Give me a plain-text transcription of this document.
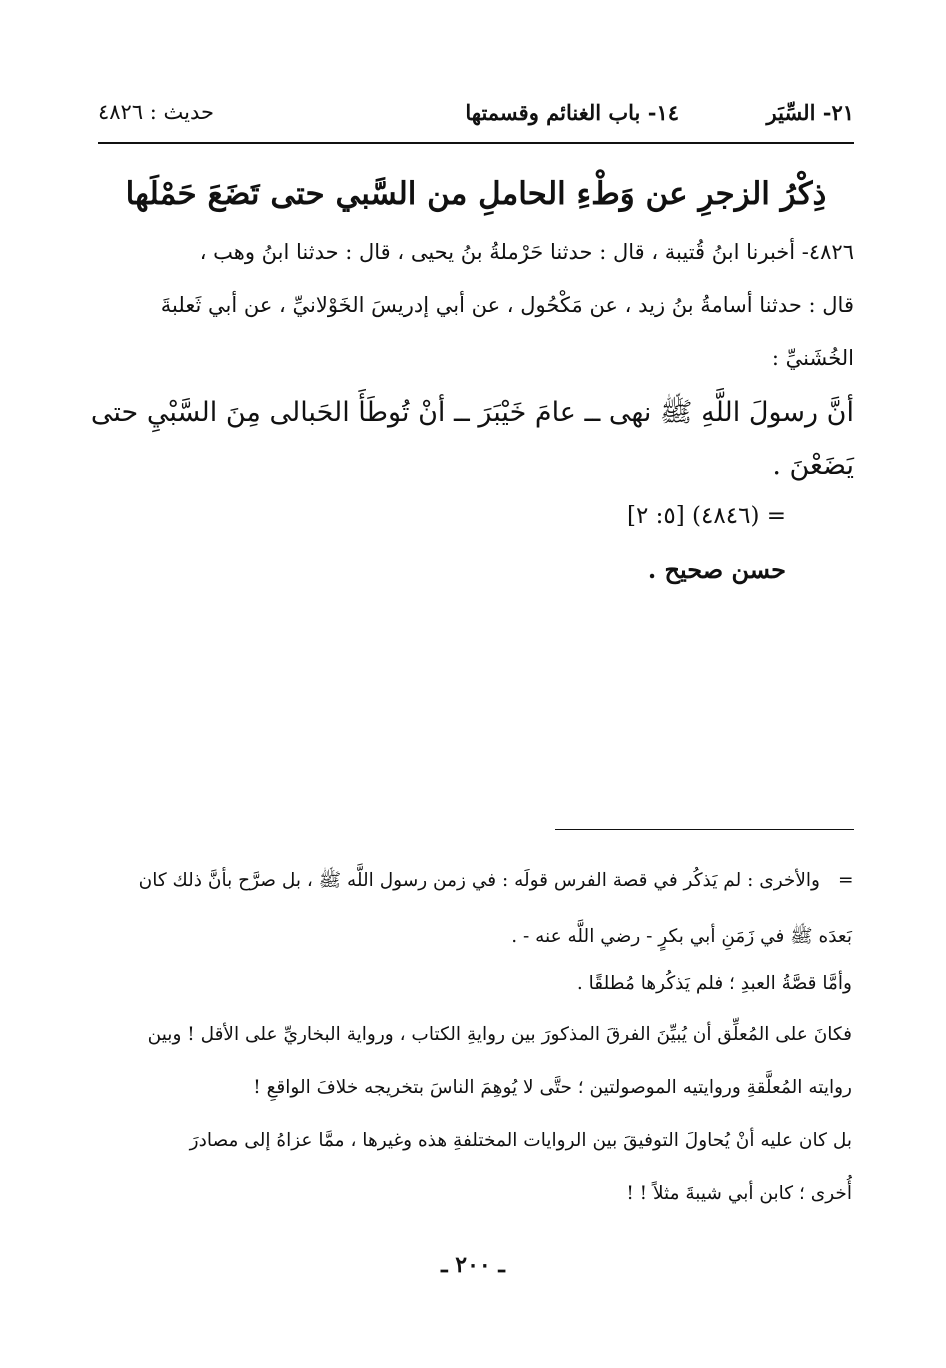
٢١- السِّيَر
١٤- باب الغنائم وقسمتها
حديث : ٤٨٢٦
ذِكْرُ الزجرِ عن وَطْءِ الحاملِ من السَّبي حتى تَضَعَ حَمْلَها
٤٨٢٦- أخبرنا ابنُ قُتيبة ، قال : حدثنا حَرْملةُ بنُ يحيى ، قال : حدثنا ابنُ وهب ،
قال : حدثنا أسامةُ بنُ زيد ، عن مَكْحُول ، عن أبي إدريسَ الخَوْلانيِّ ، عن أبي ثَعلبةَ
الخُشَنيِّ :
أنَّ رسولَ اللَّهِ ﷺ نهى ــ عامَ خَيْبَرَ ــ أنْ تُوطَأَ الحَبالى مِنَ السَّبْيِ حتى
يَضَعْنَ .
= (٤٨٤٦) [٥: ٢]
حسن صحيح .
=
والأخرى : لم يَذكُر في قصة الفرس قولَه : في زمن رسول اللَّه ﷺ ، بل صرَّح بأنَّ ذلك كان
بَعدَه ﷺ في زَمَنِ أبي بكرٍ - رضي اللَّه عنه - .
وأمَّا قصَّةُ العبدِ ؛ فلم يَذكُرها مُطلقًا .
فكانَ على المُعلِّق أن يُبيِّنَ الفرقَ المذكورَ بين روايةِ الكتاب ، ورواية البخاريِّ على الأقل ! وبين
روايته المُعلَّقةِ وروايتيه الموصولتين ؛ حتَّى لا يُوهِمَ الناسَ بتخريجه خلافَ الواقعِ !
بل كان عليه أنْ يُحاولَ التوفيقَ بين الروايات المختلفةِ هذه وغيرها ، ممَّا عزاهُ إلى مصادرَ
أُخرى ؛ كابن أبي شيبةَ مثلاً ! !
ـ ٢٠٠ ـ
